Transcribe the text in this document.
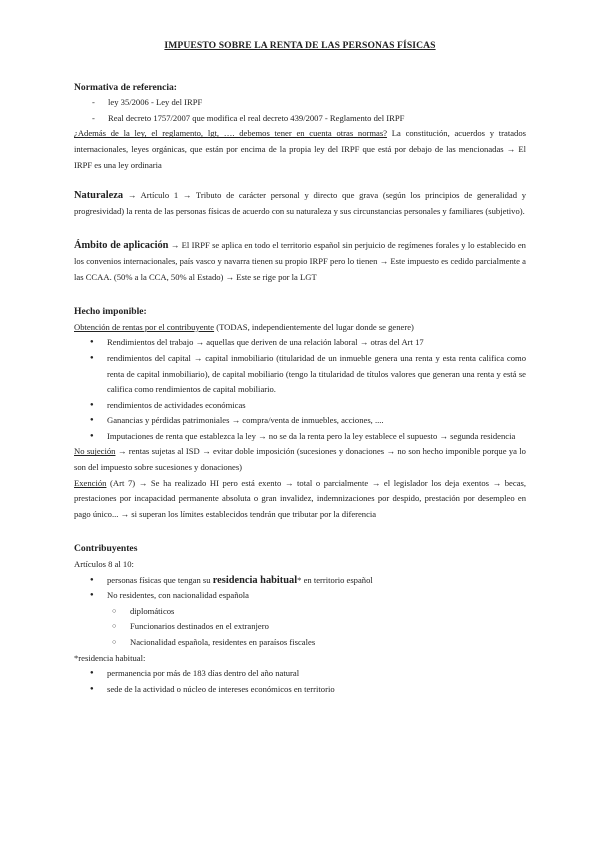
IMPUESTO SOBRE LA RENTA DE LAS PERSONAS FÍSICAS
Normativa de referencia:
- ley 35/2006 - Ley del IRPF
- Real decreto 1757/2007 que modifica el real decreto 439/2007 - Reglamento del IRPF

¿Además de la ley, el reglamento, lgt, …. debemos tener en cuenta otras normas? La constitución, acuerdos y tratados internacionales, leyes orgánicas, que están por encima de la propia ley del IRPF que está por debajo de las mencionadas → El IRPF es una ley ordinaria

Naturaleza → Artículo 1 → Tributo de carácter personal y directo que grava (según los principios de generalidad y progresividad) la renta de las personas físicas de acuerdo con su naturaleza y sus circunstancias personales y familiares (subjetivo).

Ámbito de aplicación → El IRPF se aplica en todo el territorio español sin perjuicio de regímenes forales y lo establecido en los convenios internacionales, país vasco y navarra tienen su propio IRPF pero lo tienen → Este impuesto es cedido parcialmente a las CCAA. (50% a la CCA, 50% al Estado) → Este se rige por la LGT

Hecho imponible:

Obtención de rentas por el contribuyente (TODAS, independientemente del lugar donde se genere)

● Rendimientos del trabajo → aquellas que deriven de una relación laboral → otras del Art 17
● rendimientos del capital → capital inmobiliario (titularidad de un inmueble genera una renta y esta renta califica como renta de capital inmobiliario), de capital mobiliario (tengo la titularidad de títulos valores que generan una renta y está se califica como rendimientos de capital mobiliario.
● rendimientos de actividades económicas
● Ganancias y pérdidas patrimoniales → compra/venta de inmuebles, acciones, ....
● Imputaciones de renta que establezca la ley → no se da la renta pero la ley establece el supuesto → segunda residencia

No sujeción → rentas sujetas al ISD → evitar doble imposición (sucesiones y donaciones → no son hecho imponible porque ya lo son del impuesto sobre sucesiones y donaciones)

Exención (Art 7) → Se ha realizado HI pero está exento → total o parcialmente → el legislador los deja exentos → becas, prestaciones por incapacidad permanente absoluta o gran invalidez, indemnizaciones por despido, prestación por desempleo en pago único... → si superan los límites establecidos tendrán que tributar por la diferencia

Contribuyentes

Artículos 8 al 10:

● personas físicas que tengan su residencia habitual* en territorio español
● No residentes, con nacionalidad española
○ diplomáticos
○ Funcionarios destinados en el extranjero
○ Nacionalidad española, residentes en paraísos fiscales

*residencia habitual:

● permanencia por más de 183 días dentro del año natural
● sede de la actividad o núcleo de intereses económicos en territorio
